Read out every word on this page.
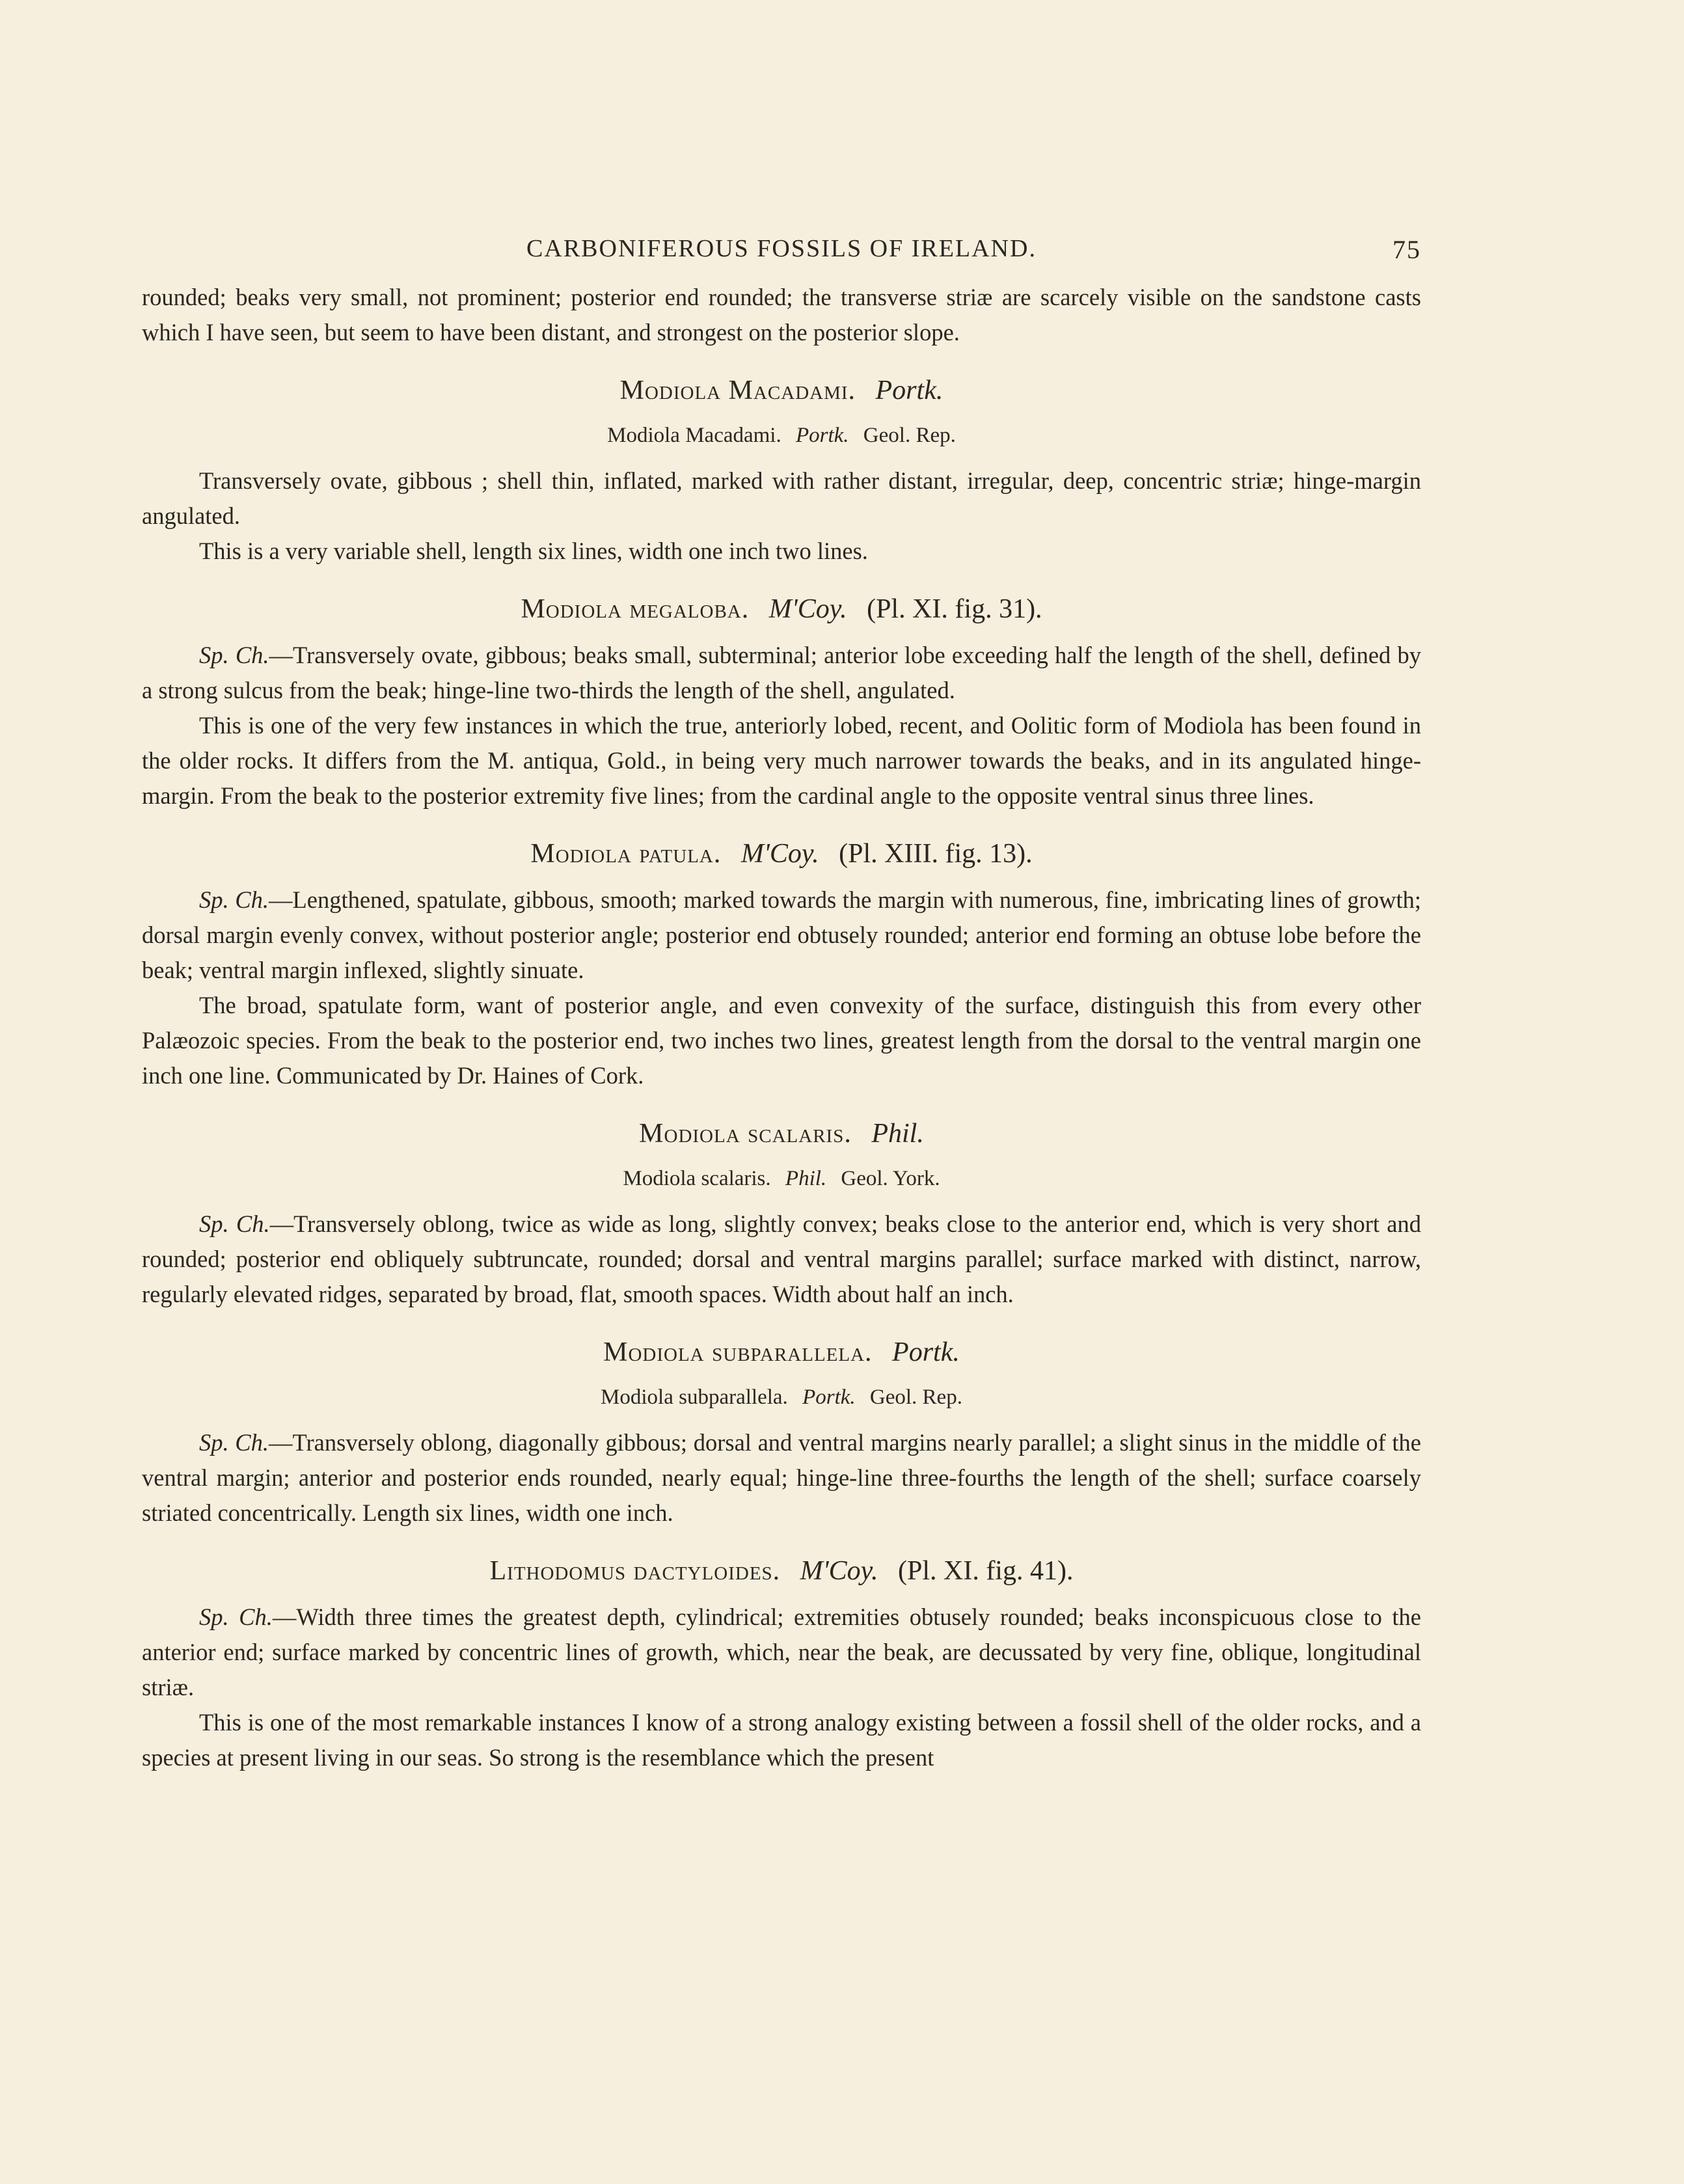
CARBONIFEROUS FOSSILS OF IRELAND.	75

rounded; beaks very small, not prominent; posterior end rounded; the transverse striæ are scarcely visible on the sandstone casts which I have seen, but seem to have been distant, and strongest on the posterior slope.

Modiola Macadami. Portk.
Modiola Macadami. Portk. Geol. Rep.

Transversely ovate, gibbous ; shell thin, inflated, marked with rather distant, irregular, deep, concentric striæ; hinge-margin angulated.

This is a very variable shell, length six lines, width one inch two lines.

Modiola megaloba. M'Coy. (Pl. XI. fig. 31).

Sp. Ch.—Transversely ovate, gibbous; beaks small, subterminal; anterior lobe exceeding half the length of the shell, defined by a strong sulcus from the beak; hinge-line two-thirds the length of the shell, angulated.

This is one of the very few instances in which the true, anteriorly lobed, recent, and Oolitic form of Modiola has been found in the older rocks. It differs from the M. antiqua, Gold., in being very much narrower towards the beaks, and in its angulated hinge-margin. From the beak to the posterior extremity five lines; from the cardinal angle to the opposite ventral sinus three lines.

Modiola patula. M'Coy. (Pl. XIII. fig. 13).

Sp. Ch.—Lengthened, spatulate, gibbous, smooth; marked towards the margin with numerous, fine, imbricating lines of growth; dorsal margin evenly convex, without posterior angle; posterior end obtusely rounded; anterior end forming an obtuse lobe before the beak; ventral margin inflexed, slightly sinuate.

The broad, spatulate form, want of posterior angle, and even convexity of the surface, distinguish this from every other Palæozoic species. From the beak to the posterior end, two inches two lines, greatest length from the dorsal to the ventral margin one inch one line. Communicated by Dr. Haines of Cork.

Modiola scalaris. Phil.
Modiola scalaris. Phil. Geol. York.

Sp. Ch.—Transversely oblong, twice as wide as long, slightly convex; beaks close to the anterior end, which is very short and rounded; posterior end obliquely subtruncate, rounded; dorsal and ventral margins parallel; surface marked with distinct, narrow, regularly elevated ridges, separated by broad, flat, smooth spaces. Width about half an inch.

Modiola subparallela. Portk.
Modiola subparallela. Portk. Geol. Rep.

Sp. Ch.—Transversely oblong, diagonally gibbous; dorsal and ventral margins nearly parallel; a slight sinus in the middle of the ventral margin; anterior and posterior ends rounded, nearly equal; hinge-line three-fourths the length of the shell; surface coarsely striated concentrically. Length six lines, width one inch.

Lithodomus dactyloides. M'Coy. (Pl. XI. fig. 41).

Sp. Ch.—Width three times the greatest depth, cylindrical; extremities obtusely rounded; beaks inconspicuous close to the anterior end; surface marked by concentric lines of growth, which, near the beak, are decussated by very fine, oblique, longitudinal striæ.

This is one of the most remarkable instances I know of a strong analogy existing between a fossil shell of the older rocks, and a species at present living in our seas. So strong is the resemblance which the present
